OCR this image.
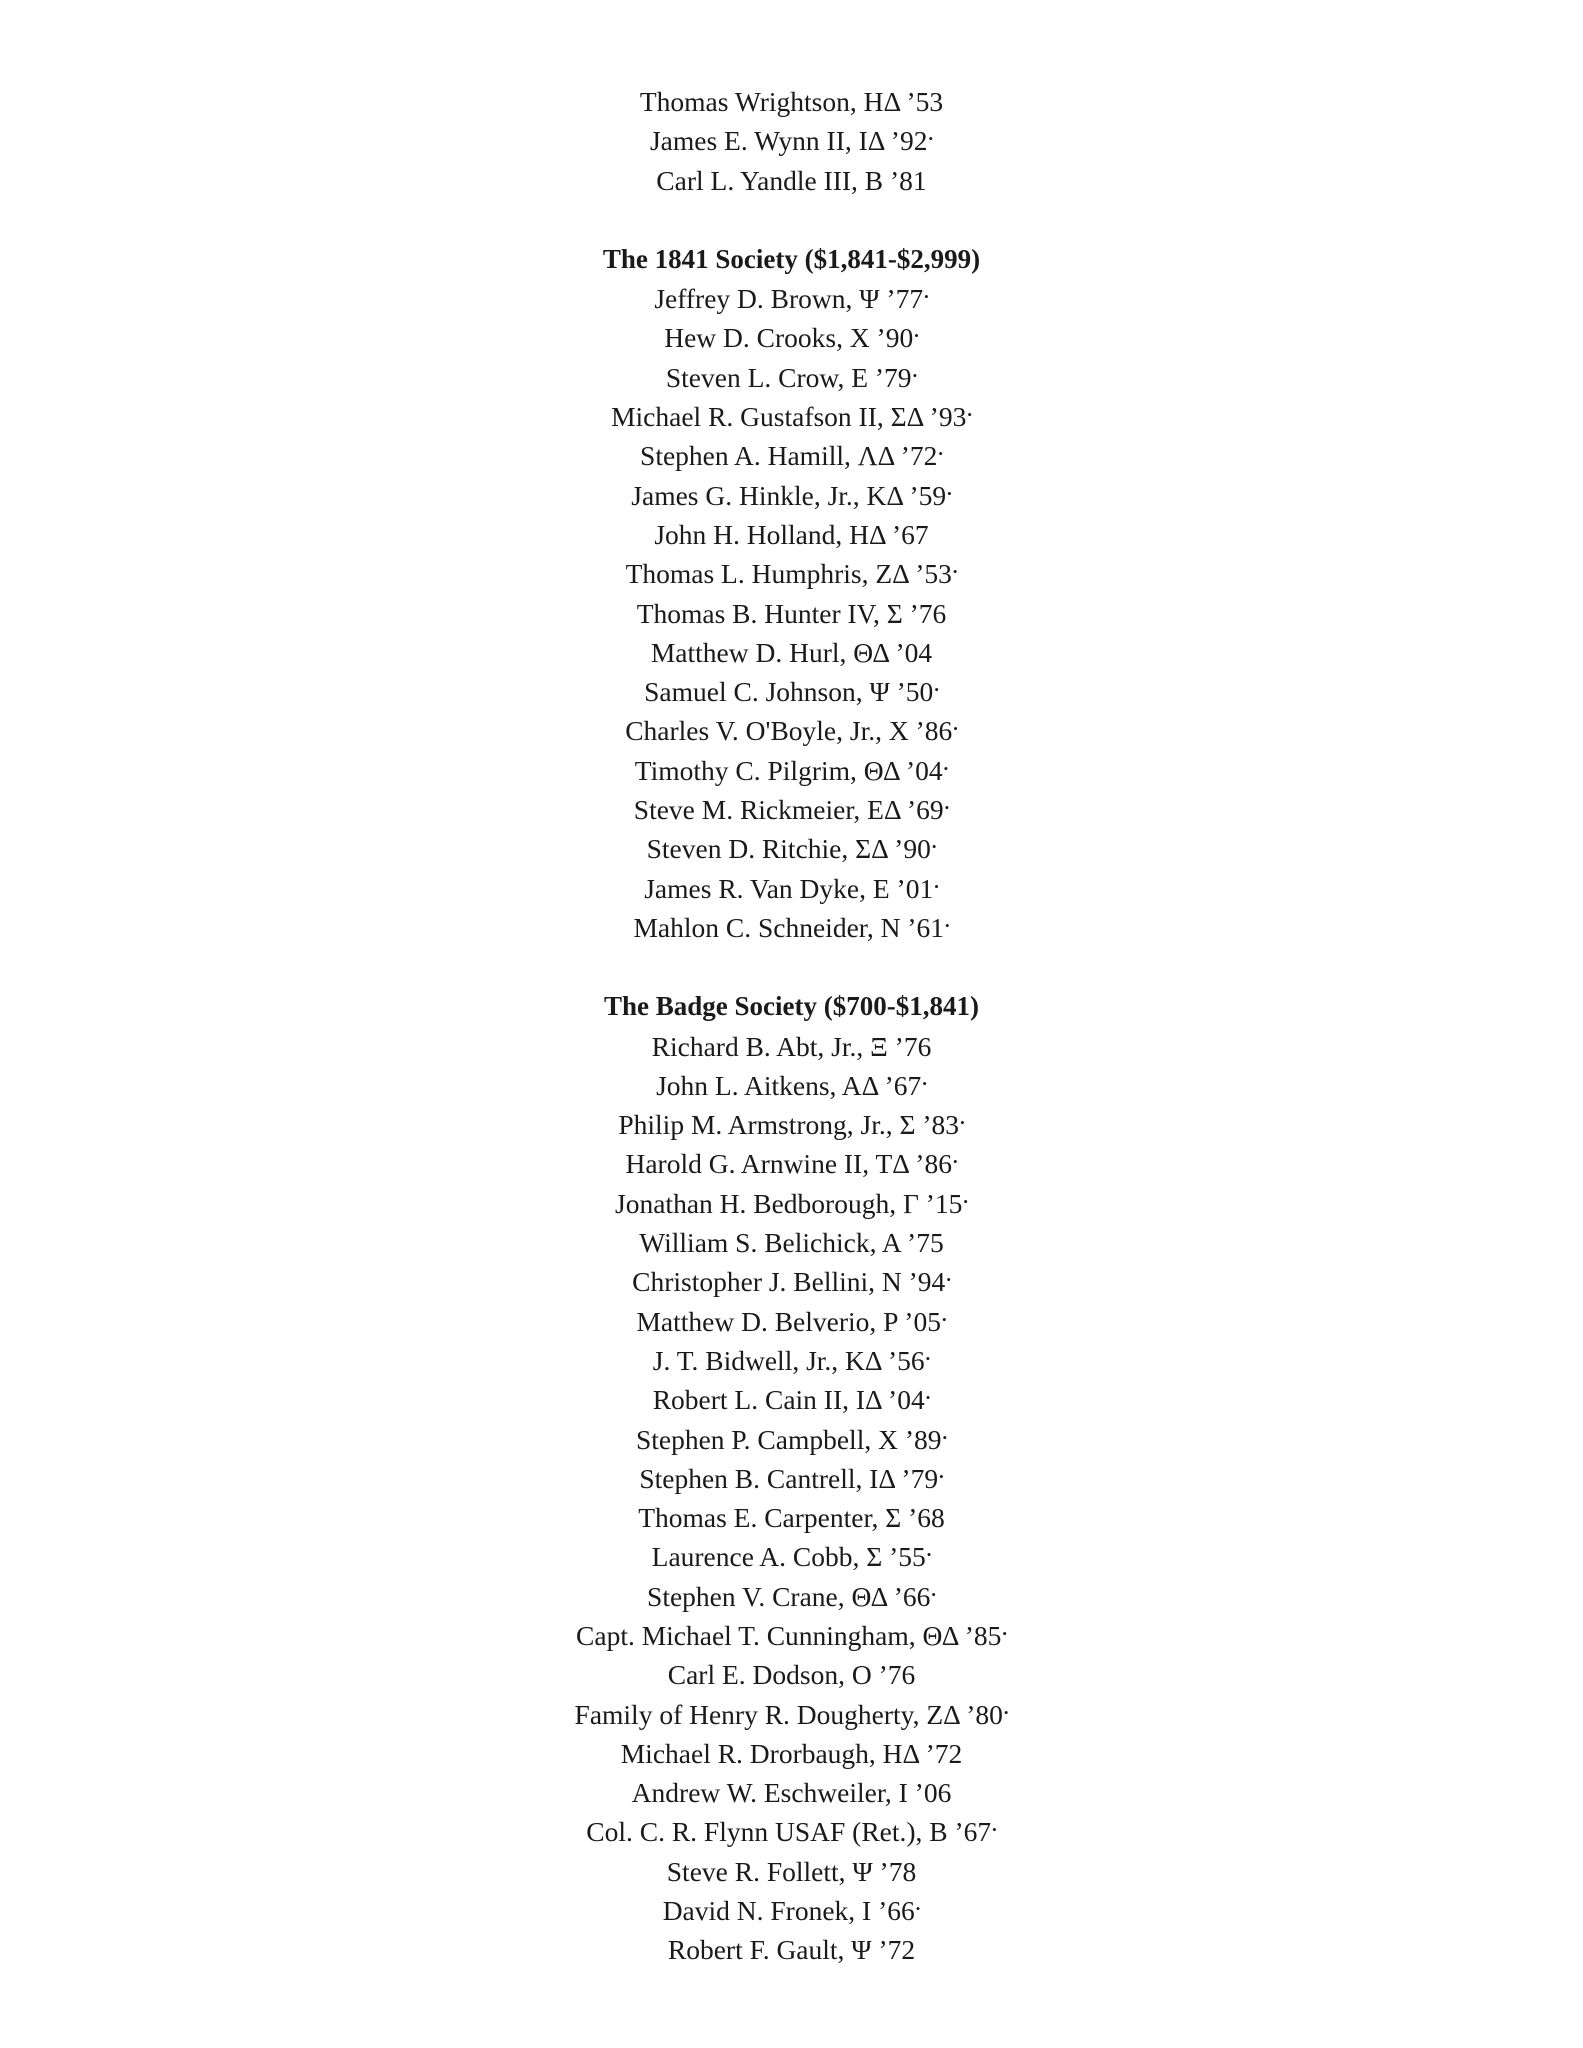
Thomas Wrightson, HΔ ’53
James E. Wynn II, IΔ ’92•
Carl L. Yandle III, B ’81
The 1841 Society ($1,841-$2,999)
Jeffrey D. Brown, Ψ ’77•
Hew D. Crooks, X ’90•
Steven L. Crow, E ’79•
Michael R. Gustafson II, ΣΔ ’93•
Stephen A. Hamill, ΛΔ ’72•
James G. Hinkle, Jr., KΔ ’59•
John H. Holland, HΔ ’67
Thomas L. Humphris, ZΔ ’53•
Thomas B. Hunter IV, Σ ’76
Matthew D. Hurl, ΘΔ ’04
Samuel C. Johnson, Ψ ’50•
Charles V. O'Boyle, Jr., X ’86•
Timothy C. Pilgrim, ΘΔ ’04•
Steve M. Rickmeier, EΔ ’69•
Steven D. Ritchie, ΣΔ ’90•
James R. Van Dyke, E ’01•
Mahlon C. Schneider, N ’61•
The Badge Society ($700-$1,841)
Richard B. Abt, Jr., Ξ ’76
John L. Aitkens, AΔ ’67•
Philip M. Armstrong, Jr., Σ ’83•
Harold G. Arnwine II, TΔ ’86•
Jonathan H. Bedborough, Γ ’15•
William S. Belichick, A ’75
Christopher J. Bellini, N ’94•
Matthew D. Belverio, P ’05•
J. T. Bidwell, Jr., KΔ ’56•
Robert L. Cain II, IΔ ’04•
Stephen P. Campbell, X ’89•
Stephen B. Cantrell, IΔ ’79•
Thomas E. Carpenter, Σ ’68
Laurence A. Cobb, Σ ’55•
Stephen V. Crane, ΘΔ ’66•
Capt. Michael T. Cunningham, ΘΔ ’85•
Carl E. Dodson, O ’76
Family of Henry R. Dougherty, ZΔ ’80•
Michael R. Drorbaugh, HΔ ’72
Andrew W. Eschweiler, I ’06
Col. C. R. Flynn USAF (Ret.), B ’67•
Steve R. Follett, Ψ ’78
David N. Fronek, I ’66•
Robert F. Gault, Ψ ’72
